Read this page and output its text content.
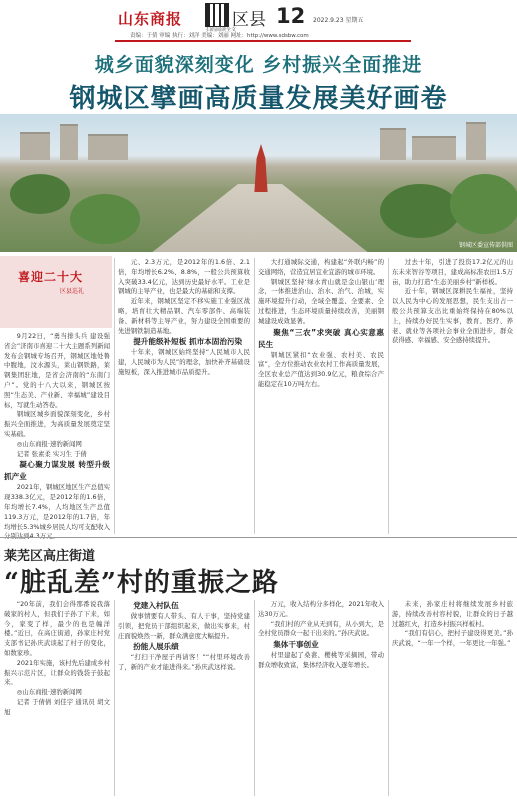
山东商报
扫码阅读全文
区县 12 2022.9.23 星期五
责编：于倩 审编 执行：刘洋 美编：刘丽 网址：http://www.sdsbw.com
城乡面貌深刻变化 乡村振兴全面推进
钢城区擘画高质量发展美好画卷
钢城区委宣传部供图
喜迎二十大
区县巡礼

9月22日，“勇当排头兵 建设强省会”济南市喜迎二十大主题系列新闻发布会钢城专场召开，钢城区地处鲁中腹地，汶水源头，莱山钢铁路，莱钢集团驻地，是省会济南的“东南门户”。党的十八大以来，钢城区按照“生态美、产业新、幸福城”建设目标，写就生动答卷。

钢城区城乡面貌深刻变化，乡村振兴全面推进，为高质量发展奠定坚实基础。

◎山东商报·速豹新闻网

记者 张素柔 实习生 于倩

凝心聚力谋发展 转型升级抓产业

2021年，钢城区地区生产总值实现338.3亿元，是2012年的1.6倍，年均增长7.4%，人均地区生产总值119.3万元，是2012年的1.7倍，年均增长5.3%城乡居民人均可支配收入

元、2.3万元，是2012年的1.6倍、2.1倍，年均增长6.2%、8.8%，一般公共预算收入突破33.4亿元，达到历史最好水平。工业是钢城的主导产业，也是最大的基础和支撑。

近年来，钢城区坚定不移实施工业强区战略，培育壮大精品钢、汽车零部件、高端装备、新材料等主导产业，努力建设全国重要的先进钢铁制造基地。

提升能级补短板 抓市本固治污染

十年来，钢城区始终坚持“人民城市人民建，人民城市为人民”的理念，加快补齐基础设施短板，深入推进城市品质提升。

大打通城际交通，构建起“外联内畅”的交通网络，营造宜居宜业宜游的城市环境。

钢城区坚持‘绿水青山就是金山银山’理念，一体推进治山、治水、治气、治城，实施环境提升行动，全域全覆盖、全要素、全过程推进，生态环境质量持续改善，美丽钢城建设成效显著。

聚焦“三农”求突破 真心实意惠民生

钢城区紧扣“农业强、农村美、农民富”，全方位推动农业农村工作高质量发展，全区农业总产值达到30.9亿元，粮食综合产能稳定在10万吨左右。

过去十年，引进了投资17.2亿元的山东未来智谷等项目，建成高标准农田1.5万亩，助力打造“生态美丽乡村”新样板。

近十年，钢城区深耕民生福祉，坚持以人民为中心的发展思想，民生支出占一般公共预算支出比重始终保持在80%以上，持续办好民生实事，教育、医疗、养老、就业等各项社会事业全面进步，群众获得感、幸福感、安全感持续提升。

莱芜区高庄街道
“脏乱差”村的重振之路

“20年前，我们会得那番说我落破家的村人，但我们子孙了下来，如今，家变了样，最少的也是幢洋楼。”近日，在高庄街道，孙家庄村党支部书记孙庆武谈起了村子的变化，如数家珍。

2021年实施，该村先后建成乡村振兴示范片区，让群众的钱袋子鼓起来。

◎山东商报·速豹新闻网

记者 于倩倩 刘佳宇 通讯员 胡文旭

党建入村队伍

做事情要有人带头、有人干事，坚持党建引领，把党员干部组织起来，做出实事来，村庄面貌焕然一新，群众满意度大幅提升。

扮能人展乐绩

“打扫干净屋子再请客！”“村里环境改善了，新的产业才能进得来。”孙庆武这样说。

万元，收入结构分多样化，2021年收入达30万元。

“我们村的产业从无到有，从小到大，是全村党员群众一起干出来的。”孙庆武说。

集体干事创业

村里建起了桑葚、樱桃等采摘园，带动群众增收致富，集体经济收入逐年增长。

未来，孙家庄村将继续发展乡村旅游，持续改善村容村貌，让群众的日子越过越红火，打造乡村振兴样板村。

“我们有信心，把村子建设得更美。”孙庆武说，“一年一个样，一年更比一年强。”
